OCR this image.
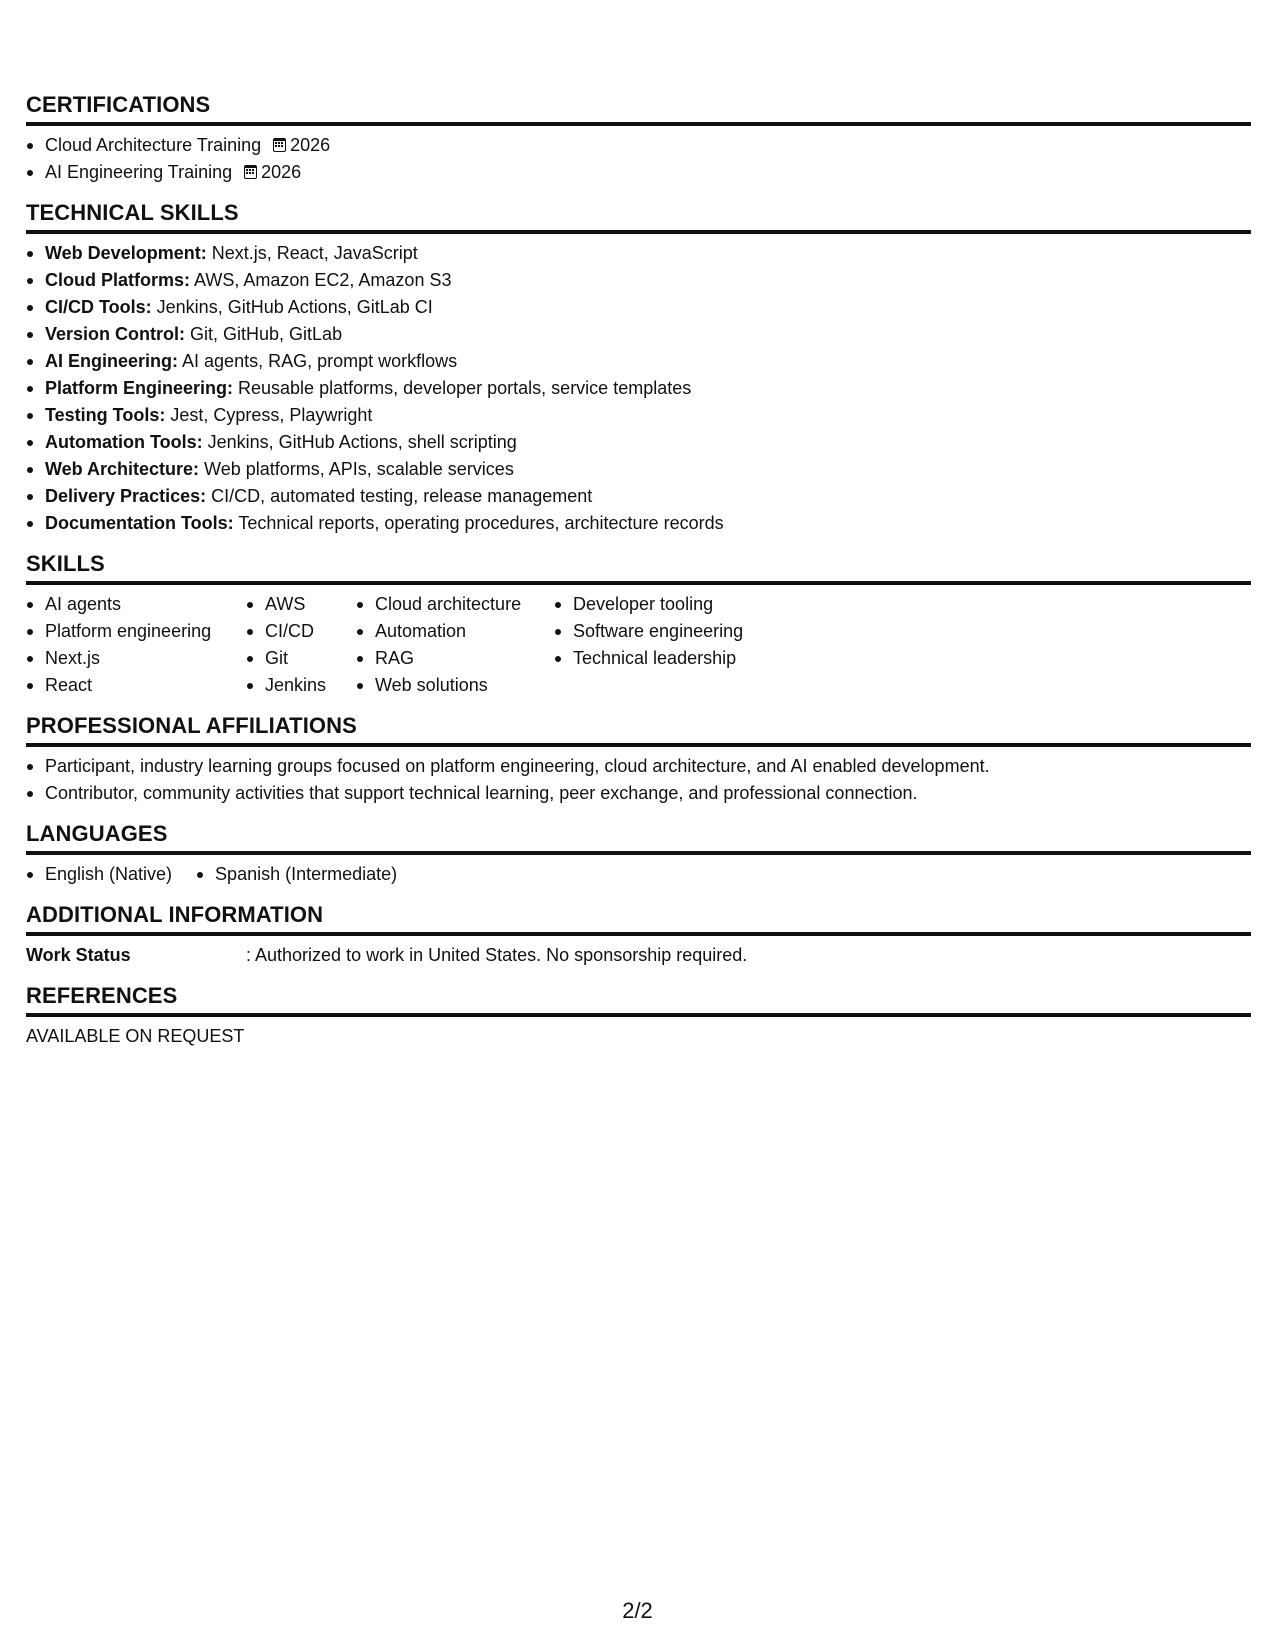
CERTIFICATIONS
Cloud Architecture Training 2026
AI Engineering Training 2026
TECHNICAL SKILLS
Web Development: Next.js, React, JavaScript
Cloud Platforms: AWS, Amazon EC2, Amazon S3
CI/CD Tools: Jenkins, GitHub Actions, GitLab CI
Version Control: Git, GitHub, GitLab
AI Engineering: AI agents, RAG, prompt workflows
Platform Engineering: Reusable platforms, developer portals, service templates
Testing Tools: Jest, Cypress, Playwright
Automation Tools: Jenkins, GitHub Actions, shell scripting
Web Architecture: Web platforms, APIs, scalable services
Delivery Practices: CI/CD, automated testing, release management
Documentation Tools: Technical reports, operating procedures, architecture records
SKILLS
AI agents
Platform engineering
Next.js
React
AWS
CI/CD
Git
Jenkins
Cloud architecture
Automation
RAG
Web solutions
Developer tooling
Software engineering
Technical leadership
PROFESSIONAL AFFILIATIONS
Participant, industry learning groups focused on platform engineering, cloud architecture, and AI enabled development.
Contributor, community activities that support technical learning, peer exchange, and professional connection.
LANGUAGES
English (Native)	Spanish (Intermediate)
ADDITIONAL INFORMATION
Work Status	: Authorized to work in United States. No sponsorship required.
REFERENCES
AVAILABLE ON REQUEST
2/2
